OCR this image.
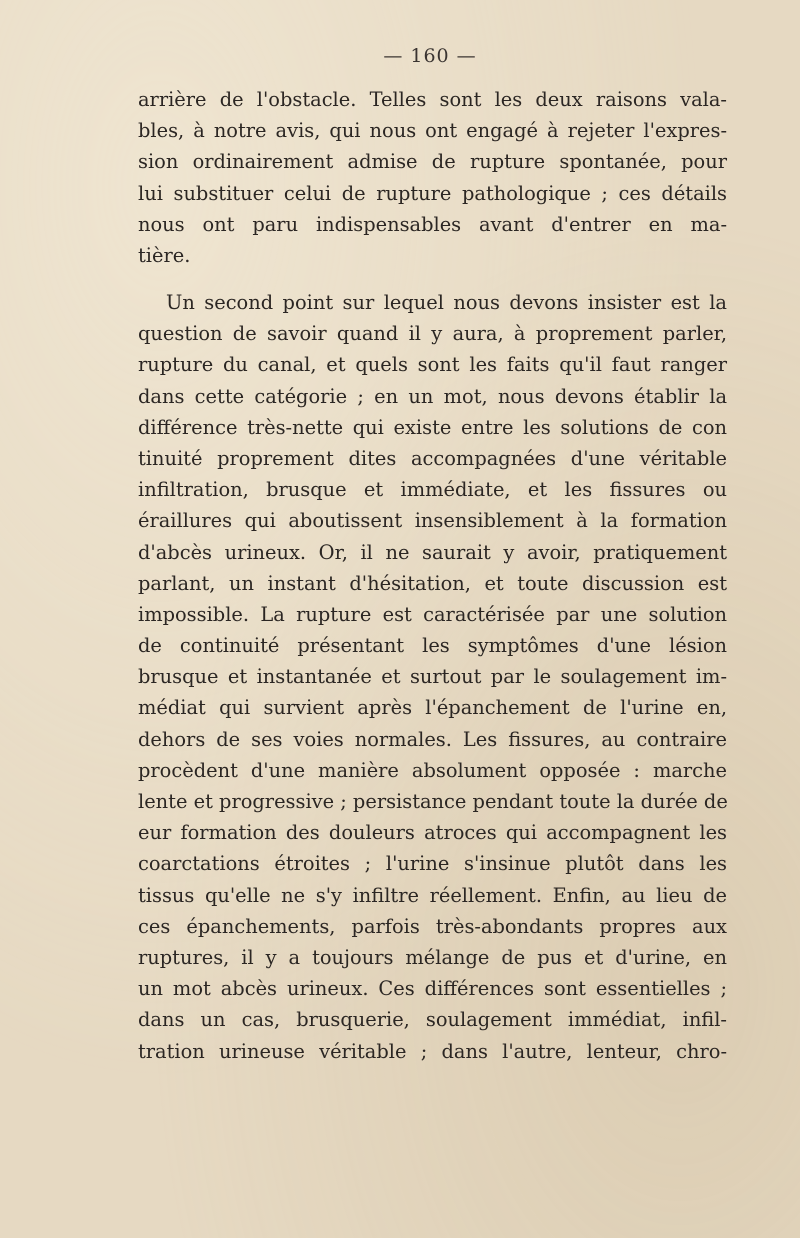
— 160 —
arrière de l'obstacle. Telles sont les deux raisons vala-
bles, à notre avis, qui nous ont engagé à rejeter l'expres-
sion ordinairement admise de rupture spontanée, pour
lui substituer celui de rupture pathologique ; ces détails
nous ont paru indispensables avant d'entrer en ma-
tière.
Un second point sur lequel nous devons insister est la
question de savoir quand il y aura, à proprement parler,
rupture du canal, et quels sont les faits qu'il faut ranger
dans cette catégorie ; en un mot, nous devons établir la
différence très-nette qui existe entre les solutions de con
tinuité proprement dites accompagnées d'une véritable
infiltration, brusque et immédiate, et les fissures ou
éraillures qui aboutissent insensiblement à la formation
d'abcès urineux. Or, il ne saurait y avoir, pratiquement
parlant, un instant d'hésitation, et toute discussion est
impossible. La rupture est caractérisée par une solution
de continuité présentant les symptômes d'une lésion
brusque et instantanée et surtout par le soulagement im-
médiat qui survient après l'épanchement de l'urine en,
dehors de ses voies normales. Les fissures, au contraire
procèdent d'une manière absolument opposée : marche
lente et progressive ; persistance pendant toute la durée de
eur formation des douleurs atroces qui accompagnent les
coarctations étroites ; l'urine s'insinue plutôt dans les
tissus qu'elle ne s'y infiltre réellement. Enfin, au lieu de
ces épanchements, parfois très-abondants propres aux
ruptures, il y a toujours mélange de pus et d'urine, en
un mot abcès urineux. Ces différences sont essentielles ;
dans un cas, brusquerie, soulagement immédiat, infil-
tration urineuse véritable ; dans l'autre, lenteur, chro-
